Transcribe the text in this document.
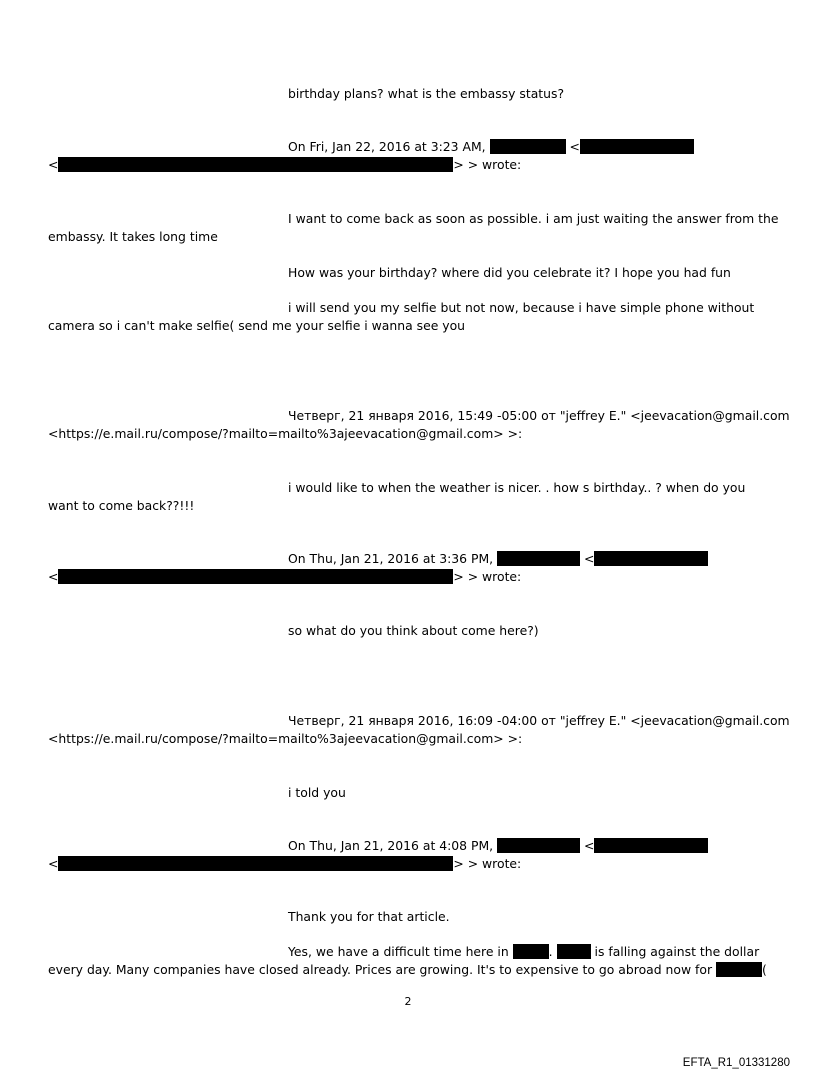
birthday plans? what is the embassy status?
On Fri, Jan 22, 2016 at 3:23 AM,	<
<	> > wrote:
I want to come back as soon as possible. i am just waiting the answer from the
embassy. It takes long time
How was your birthday? where did you celebrate it? I hope you had fun
i will send you my selfie but not now, because i have simple phone without
camera so i can't make selfie( send me your selfie i wanna see you
Четверг, 21 января 2016, 15:49 -05:00 от "jeffrey E." <jeevacation@gmail.com
<https://e.mail.ru/compose/?mailto=mailto%3ajeevacation@gmail.com> >:
i would like to when the weather is nicer. . how s birthday.. ? when do you
want to come back??!!!
On Thu, Jan 21, 2016 at 3:36 PM,	<
<	> > wrote:
so what do you think about come here?)
Четверг, 21 января 2016, 16:09 -04:00 от "jeffrey E." <jeevacation@gmail.com
<https://e.mail.ru/compose/?mailto=mailto%3ajeevacation@gmail.com> >:
i told you
On Thu, Jan 21, 2016 at 4:08 PM,	<
<	> > wrote:
Thank you for that article.
Yes, we have a difficult time here in	.	is falling against the dollar
every day. Many companies have closed already. Prices are growing. It's to expensive to go abroad now for	(
2
EFTA_R1_01331280
